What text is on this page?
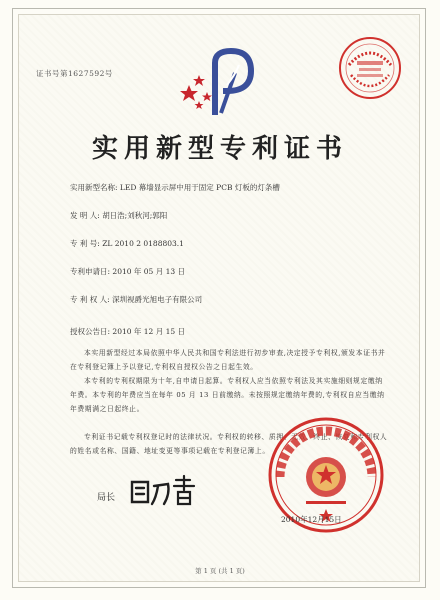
证书号第1627592号
实用新型专利证书
实用新型名称: LED 幕墙显示屏中用于固定 PCB 灯板的灯条槽
发 明 人: 胡日浩;刘秋河;郭阳
专 利 号: ZL 2010 2 0188803.1
专利申请日: 2010 年 05 月 13 日
专 利 权 人: 深圳视爵光旭电子有限公司
授权公告日: 2010 年 12 月 15 日
本实用新型经过本局依照中华人民共和国专利法进行初步审查,决定授予专利权,颁发本证书并在专利登记簿上予以登记,专利权自授权公告之日起生效。
本专利的专利权期限为十年,自申请日起算。专利权人应当依照专利法及其实施细则规定缴纳年费。本专利的年费应当在每年 05 月 13 日前缴纳。未按照规定缴纳年费的,专利权自应当缴纳年费期满之日起终止。
专利证书记载专利权登记时的法律状况。专利权的转移、质押、无效、终止、恢复和专利权人的姓名或名称、国籍、地址变更等事项记载在专利登记簿上。
局长
2010年12月15日
第 1 页 (共 1 页)
